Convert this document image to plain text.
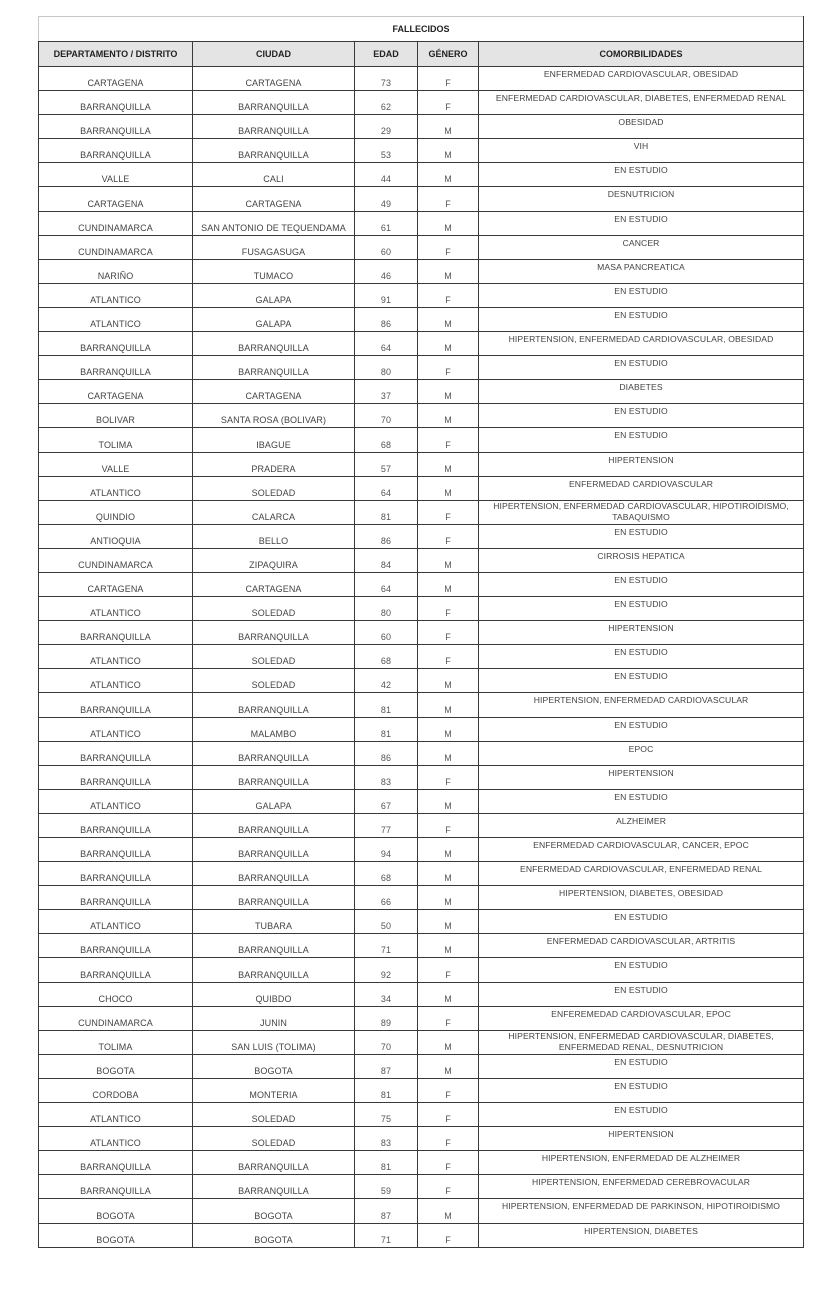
FALLECIDOS				
DEPARTAMENTO / DISTRITO	CIUDAD	EDAD	GÉNERO	COMORBILIDADES
CARTAGENA	CARTAGENA	73	F	ENFERMEDAD CARDIOVASCULAR, OBESIDAD
BARRANQUILLA	BARRANQUILLA	62	F	ENFERMEDAD CARDIOVASCULAR, DIABETES, ENFERMEDAD RENAL
BARRANQUILLA	BARRANQUILLA	29	M	OBESIDAD
BARRANQUILLA	BARRANQUILLA	53	M	VIH
VALLE	CALI	44	M	EN ESTUDIO
CARTAGENA	CARTAGENA	49	F	DESNUTRICION
CUNDINAMARCA	SAN ANTONIO DE TEQUENDAMA	61	M	EN ESTUDIO
CUNDINAMARCA	FUSAGASUGA	60	F	CANCER
NARIÑO	TUMACO	46	M	MASA PANCREATICA
ATLANTICO	GALAPA	91	F	EN ESTUDIO
ATLANTICO	GALAPA	86	M	EN ESTUDIO
BARRANQUILLA	BARRANQUILLA	64	M	HIPERTENSION, ENFERMEDAD CARDIOVASCULAR, OBESIDAD
BARRANQUILLA	BARRANQUILLA	80	F	EN ESTUDIO
CARTAGENA	CARTAGENA	37	M	DIABETES
BOLIVAR	SANTA ROSA (BOLIVAR)	70	M	EN ESTUDIO
TOLIMA	IBAGUE	68	F	EN ESTUDIO
VALLE	PRADERA	57	M	HIPERTENSION
ATLANTICO	SOLEDAD	64	M	ENFERMEDAD CARDIOVASCULAR
QUINDIO	CALARCA	81	F	HIPERTENSION, ENFERMEDAD CARDIOVASCULAR, HIPOTIROIDISMO, TABAQUISMO
ANTIOQUIA	BELLO	86	F	EN ESTUDIO
CUNDINAMARCA	ZIPAQUIRA	84	M	CIRROSIS HEPATICA
CARTAGENA	CARTAGENA	64	M	EN ESTUDIO
ATLANTICO	SOLEDAD	80	F	EN ESTUDIO
BARRANQUILLA	BARRANQUILLA	60	F	HIPERTENSION
ATLANTICO	SOLEDAD	68	F	EN ESTUDIO
ATLANTICO	SOLEDAD	42	M	EN ESTUDIO
BARRANQUILLA	BARRANQUILLA	81	M	HIPERTENSION, ENFERMEDAD CARDIOVASCULAR
ATLANTICO	MALAMBO	81	M	EN ESTUDIO
BARRANQUILLA	BARRANQUILLA	86	M	EPOC
BARRANQUILLA	BARRANQUILLA	83	F	HIPERTENSION
ATLANTICO	GALAPA	67	M	EN ESTUDIO
BARRANQUILLA	BARRANQUILLA	77	F	ALZHEIMER
BARRANQUILLA	BARRANQUILLA	94	M	ENFERMEDAD CARDIOVASCULAR, CANCER, EPOC
BARRANQUILLA	BARRANQUILLA	68	M	ENFERMEDAD CARDIOVASCULAR, ENFERMEDAD RENAL
BARRANQUILLA	BARRANQUILLA	66	M	HIPERTENSION, DIABETES, OBESIDAD
ATLANTICO	TUBARA	50	M	EN ESTUDIO
BARRANQUILLA	BARRANQUILLA	71	M	ENFERMEDAD CARDIOVASCULAR, ARTRITIS
BARRANQUILLA	BARRANQUILLA	92	F	EN ESTUDIO
CHOCO	QUIBDO	34	M	EN ESTUDIO
CUNDINAMARCA	JUNIN	89	F	ENFEREMEDAD CARDIOVASCULAR, EPOC
TOLIMA	SAN LUIS (TOLIMA)	70	M	HIPERTENSION, ENFERMEDAD CARDIOVASCULAR, DIABETES, ENFERMEDAD RENAL, DESNUTRICION
BOGOTA	BOGOTA	87	M	EN ESTUDIO
CORDOBA	MONTERIA	81	F	EN ESTUDIO
ATLANTICO	SOLEDAD	75	F	EN ESTUDIO
ATLANTICO	SOLEDAD	83	F	HIPERTENSION
BARRANQUILLA	BARRANQUILLA	81	F	HIPERTENSION, ENFERMEDAD DE ALZHEIMER
BARRANQUILLA	BARRANQUILLA	59	F	HIPERTENSION, ENFERMEDAD CEREBROVACULAR
BOGOTA	BOGOTA	87	M	HIPERTENSION, ENFERMEDAD DE PARKINSON, HIPOTIROIDISMO
BOGOTA	BOGOTA	71	F	HIPERTENSION, DIABETES
